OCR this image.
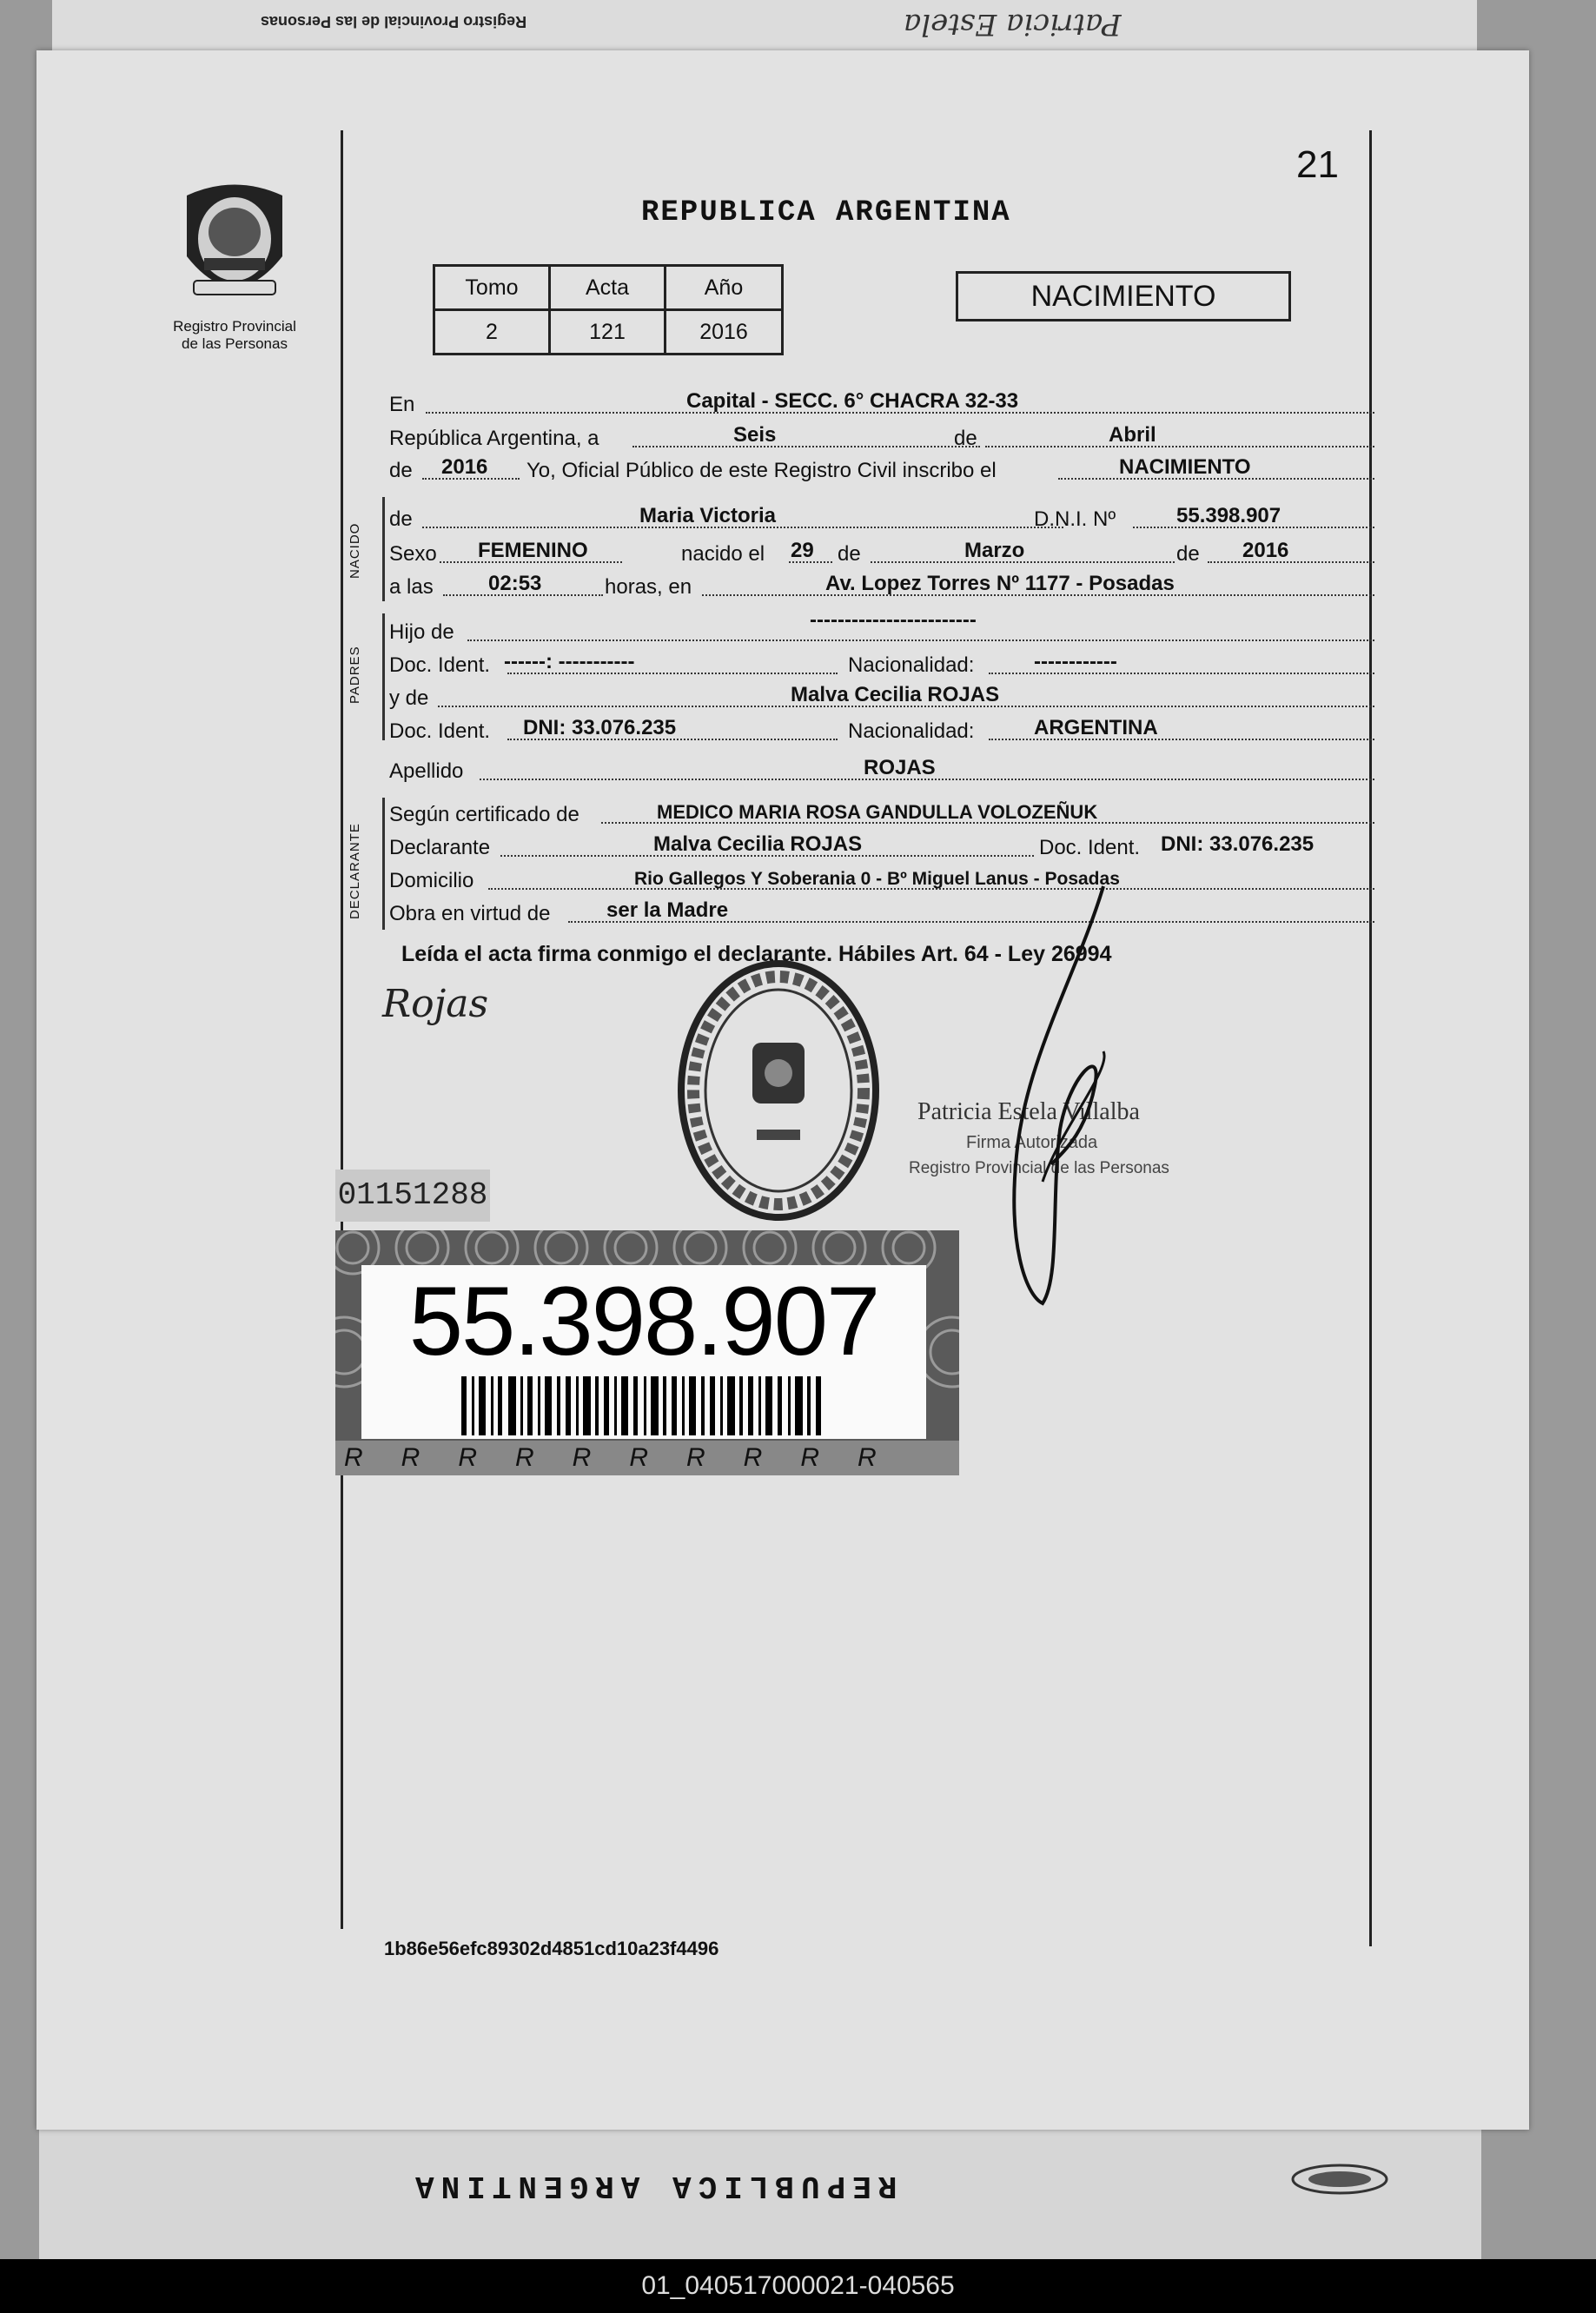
Registro Provincial de las Personas	Patricia Estela
REPUBLICA ARGENTINA
21
REPUBLICA ARGENTINA
Registro Provincial
de las Personas
Tomo	Acta	Año
2	121	2016
NACIMIENTO
En	Capital - SECC. 6° CHACRA 32-33
República Argentina, a	Seis	de	Abril
de 2016 Yo, Oficial Público de este Registro Civil inscribo el	NACIMIENTO
NACIDO
de	Maria Victoria	D.N.I. Nº	55.398.907
Sexo FEMENINO	nacido el 29 de	Marzo	de 2016
a las	02:53	horas, en	Av. Lopez Torres Nº 1177 - Posadas
PADRES
Hijo de
------------------------
Doc. Ident. ------: -----------	Nacionalidad:	------------
y de	Malva Cecilia ROJAS
Doc. Ident. DNI: 33.076.235	Nacionalidad:	ARGENTINA
Apellido	ROJAS
DECLARANTE
Según certificado de	MEDICO MARIA ROSA GANDULLA VOLOZEÑUK
Declarante	Malva Cecilia ROJAS	Doc. Ident. DNI: 33.076.235
Domicilio	Rio Gallegos Y Soberania 0 - Bº Miguel Lanus - Posadas
Obra en virtud de	ser la Madre
Leída el acta firma conmigo el declarante. Hábiles Art. 64 - Ley 26994
Rojas
Patricia Estela Villalba
Firma Autorizada
Registro Provincial de las Personas
01151288
55.398.907
RRRRRRRRRR
1b86e56efc89302d4851cd10a23f4496
01_040517000021-040565
